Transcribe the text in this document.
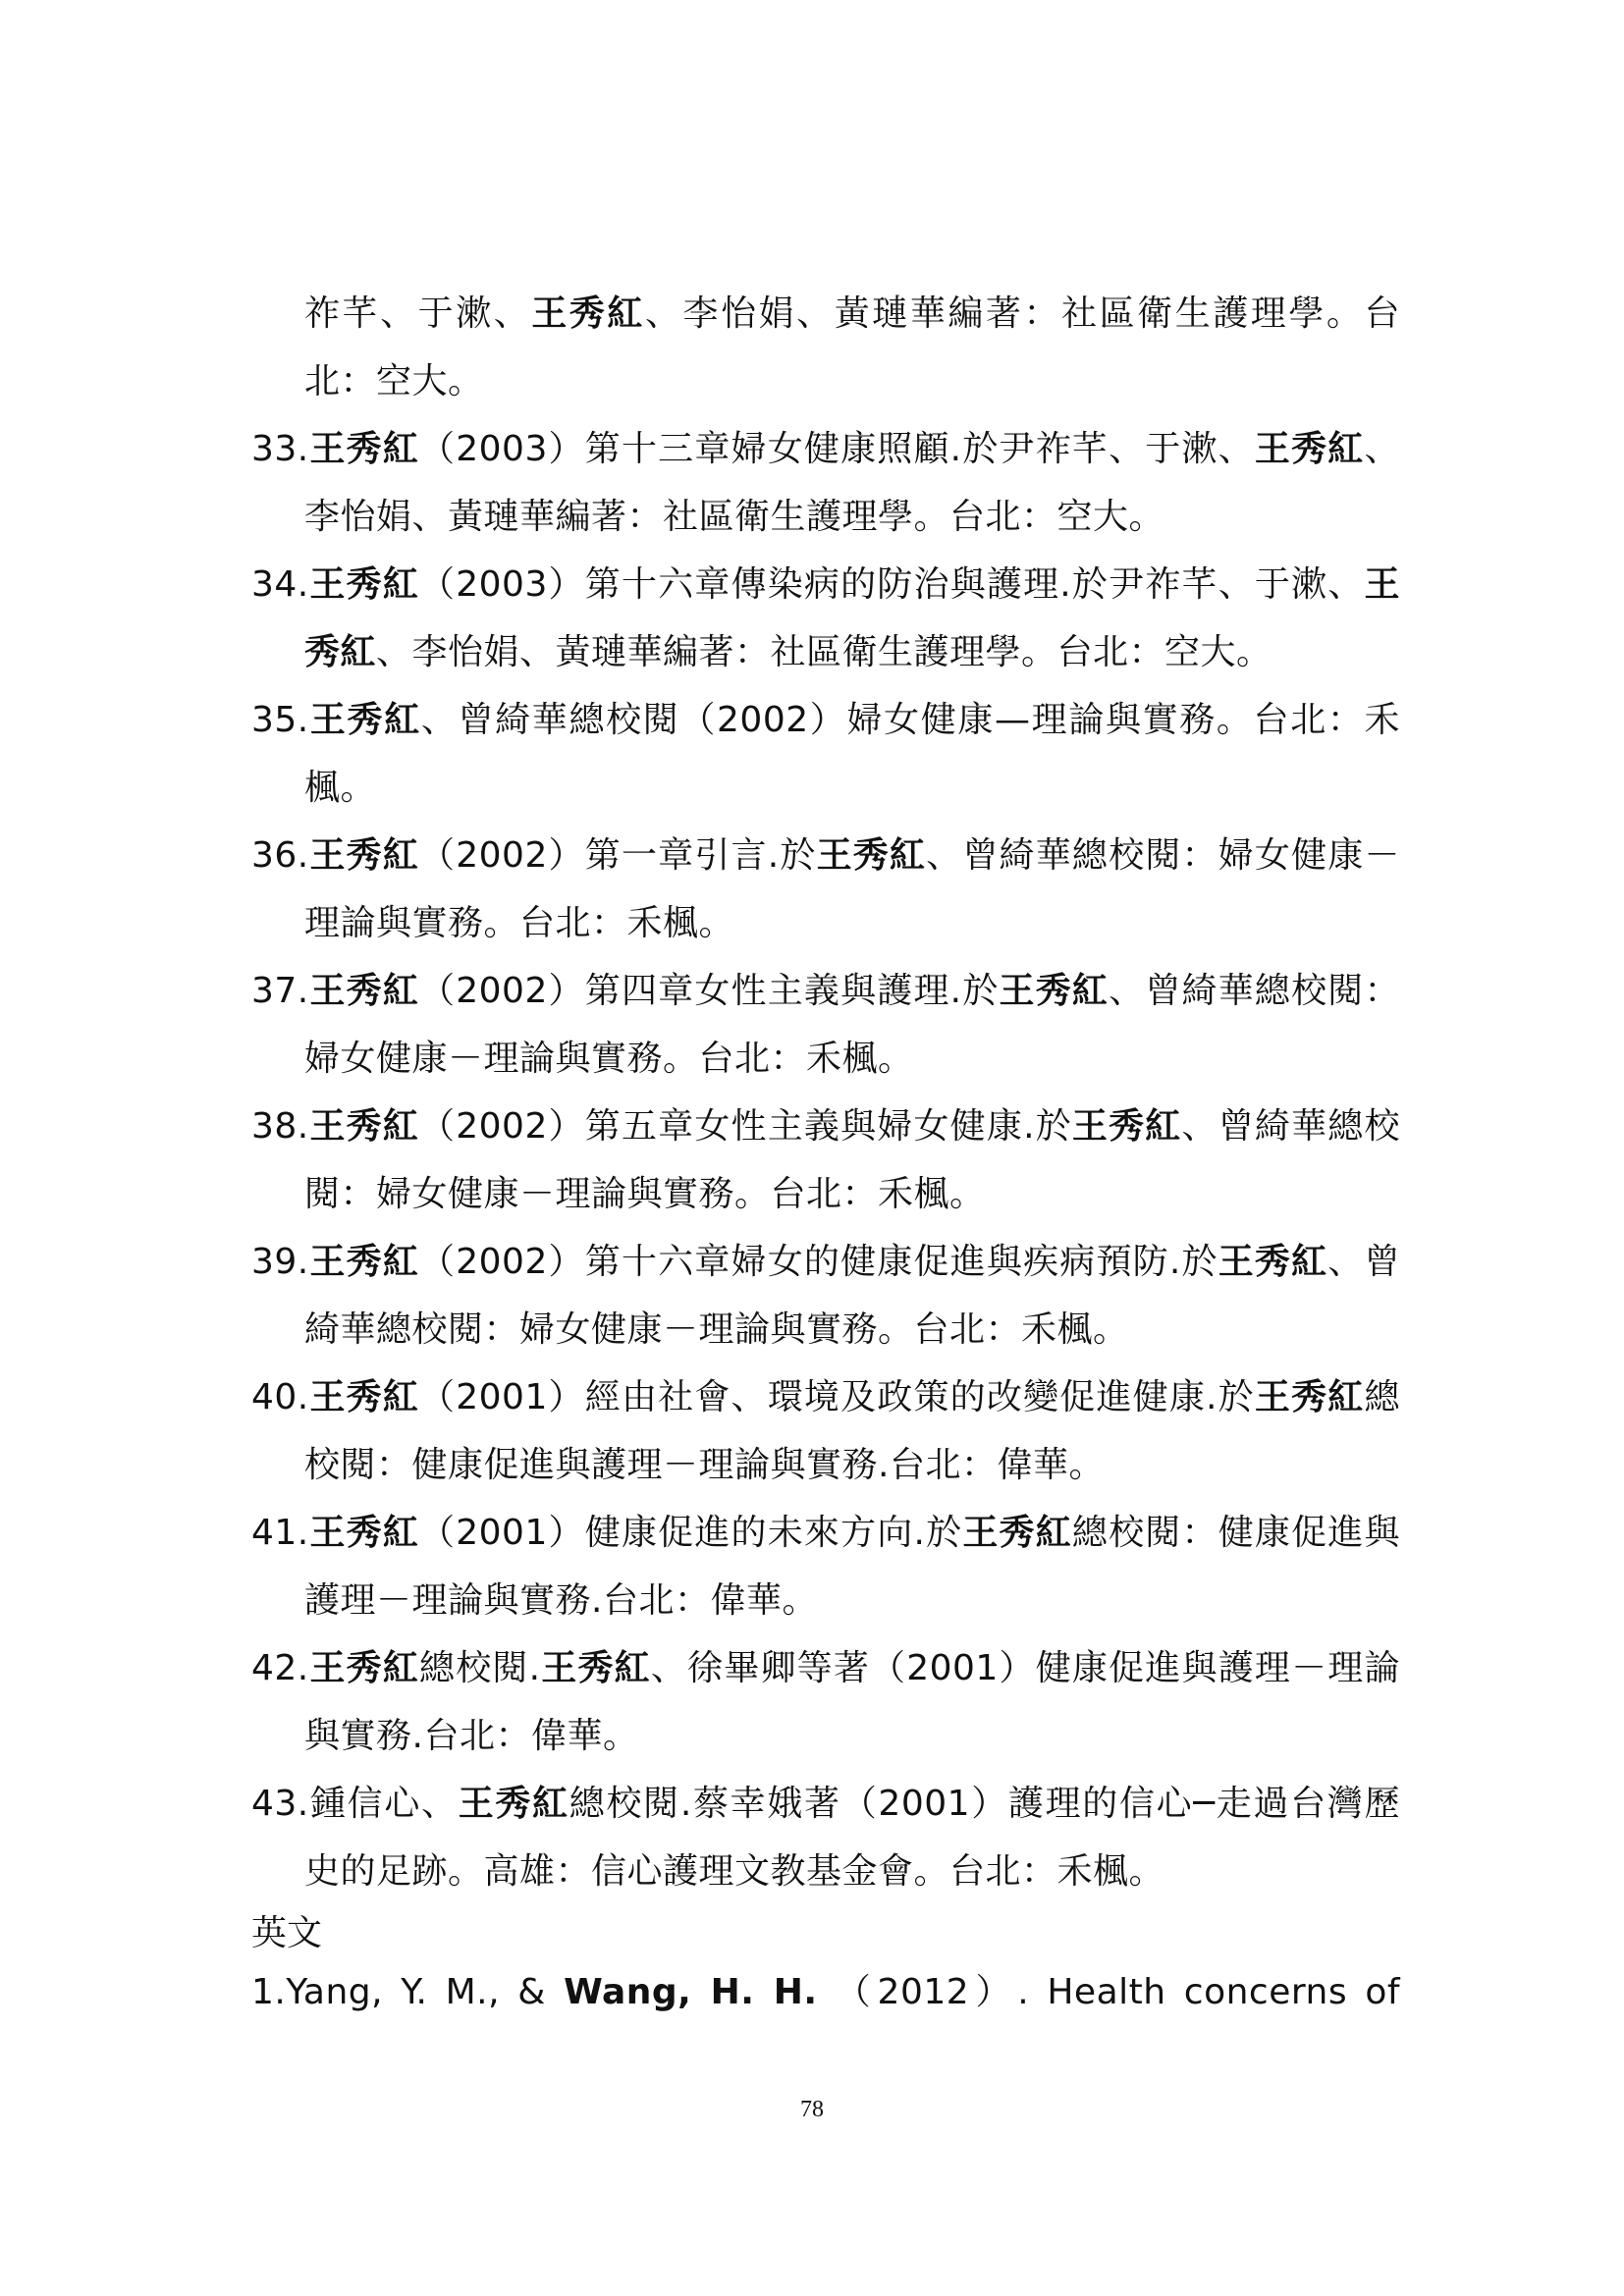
祚芊、于漱、王秀紅、李怡娟、黃璉華編著：社區衛生護理學。台
北：空大。
33.王秀紅（2003）第十三章婦女健康照顧.於尹祚芊、于漱、王秀紅、
李怡娟、黃璉華編著：社區衛生護理學。台北：空大。
34.王秀紅（2003）第十六章傳染病的防治與護理.於尹祚芊、于漱、王
秀紅、李怡娟、黃璉華編著：社區衛生護理學。台北：空大。
35.王秀紅、曾綺華總校閱（2002）婦女健康—理論與實務。台北：禾
楓。
36.王秀紅（2002）第一章引言.於王秀紅、曾綺華總校閱：婦女健康－
理論與實務。台北：禾楓。
37.王秀紅（2002）第四章女性主義與護理.於王秀紅、曾綺華總校閱：
婦女健康－理論與實務。台北：禾楓。
38.王秀紅（2002）第五章女性主義與婦女健康.於王秀紅、曾綺華總校
閱：婦女健康－理論與實務。台北：禾楓。
39.王秀紅（2002）第十六章婦女的健康促進與疾病預防.於王秀紅、曾
綺華總校閱：婦女健康－理論與實務。台北：禾楓。
40.王秀紅（2001）經由社會、環境及政策的改變促進健康.於王秀紅總
校閱：健康促進與護理－理論與實務.台北：偉華。
41.王秀紅（2001）健康促進的未來方向.於王秀紅總校閱：健康促進與
護理－理論與實務.台北：偉華。
42.王秀紅總校閱.王秀紅、徐畢卿等著（2001）健康促進與護理－理論
與實務.台北：偉華。
43.鍾信心、王秀紅總校閱.蔡幸娥著（2001）護理的信心─走過台灣歷
史的足跡。高雄：信心護理文教基金會。台北：禾楓。
英文
1.Yang, Y. M., & Wang, H. H. （2012）. Health concerns of
78
